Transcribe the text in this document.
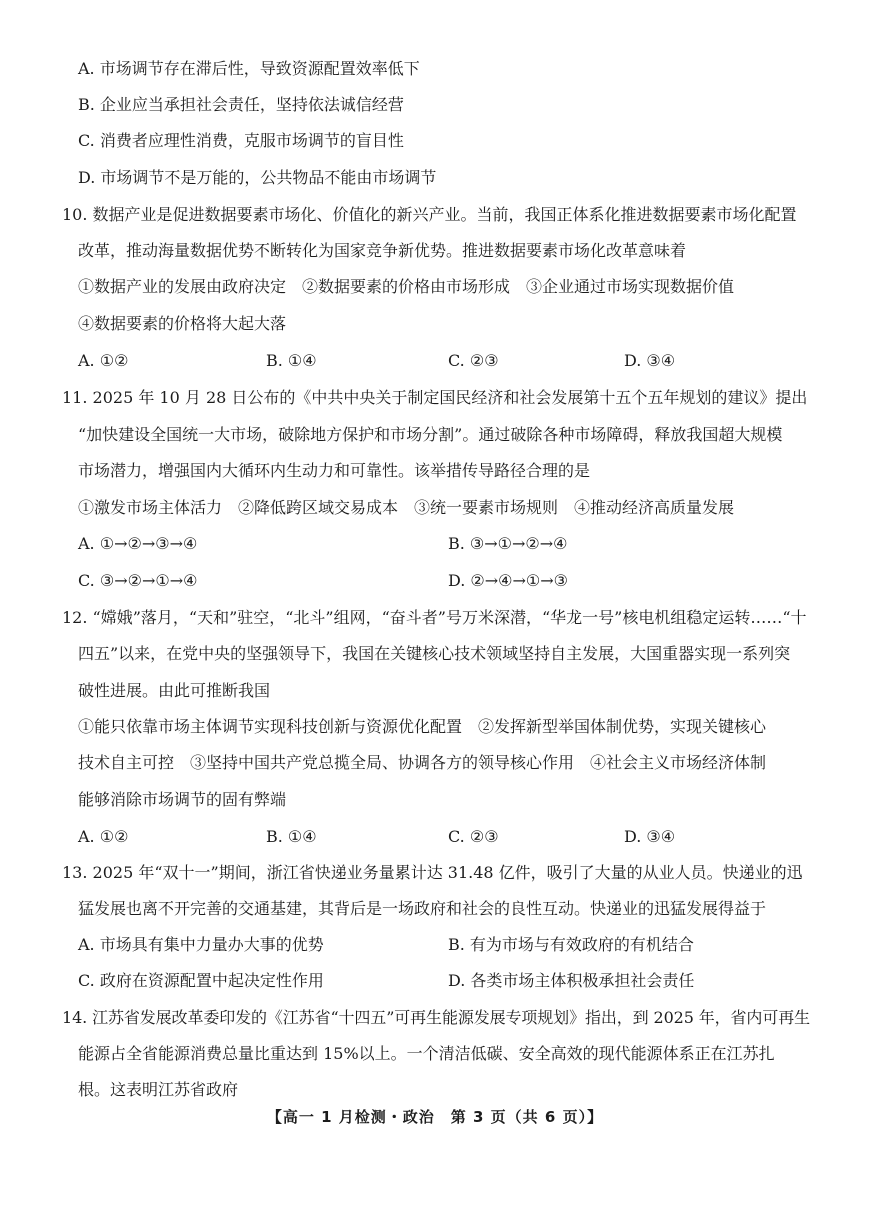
A. 市场调节存在滞后性，导致资源配置效率低下
B. 企业应当承担社会责任，坚持依法诚信经营
C. 消费者应理性消费，克服市场调节的盲目性
D. 市场调节不是万能的，公共物品不能由市场调节
10. 数据产业是促进数据要素市场化、价值化的新兴产业。当前，我国正体系化推进数据要素市场化配置
改革，推动海量数据优势不断转化为国家竞争新优势。推进数据要素市场化改革意味着
①数据产业的发展由政府决定　②数据要素的价格由市场形成　③企业通过市场实现数据价值
④数据要素的价格将大起大落
A. ①②	B. ①④	C. ②③	D. ③④
11. 2025 年 10 月 28 日公布的《中共中央关于制定国民经济和社会发展第十五个五年规划的建议》提出
“加快建设全国统一大市场，破除地方保护和市场分割”。通过破除各种市场障碍，释放我国超大规模
市场潜力，增强国内大循环内生动力和可靠性。该举措传导路径合理的是
①激发市场主体活力　②降低跨区域交易成本　③统一要素市场规则　④推动经济高质量发展
A. ①→②→③→④	B. ③→①→②→④
C. ③→②→①→④	D. ②→④→①→③
12. “嫦娥”落月，“天和”驻空，“北斗”组网，“奋斗者”号万米深潜，“华龙一号”核电机组稳定运转……“十
四五”以来，在党中央的坚强领导下，我国在关键核心技术领域坚持自主发展，大国重器实现一系列突
破性进展。由此可推断我国
①能只依靠市场主体调节实现科技创新与资源优化配置　②发挥新型举国体制优势，实现关键核心
技术自主可控　③坚持中国共产党总揽全局、协调各方的领导核心作用　④社会主义市场经济体制
能够消除市场调节的固有弊端
A. ①②	B. ①④	C. ②③	D. ③④
13. 2025 年“双十一”期间，浙江省快递业务量累计达 31.48 亿件，吸引了大量的从业人员。快递业的迅
猛发展也离不开完善的交通基建，其背后是一场政府和社会的良性互动。快递业的迅猛发展得益于
A. 市场具有集中力量办大事的优势	B. 有为市场与有效政府的有机结合
C. 政府在资源配置中起决定性作用	D. 各类市场主体积极承担社会责任
14. 江苏省发展改革委印发的《江苏省“十四五”可再生能源发展专项规划》指出，到 2025 年，省内可再生
能源占全省能源消费总量比重达到 15%以上。一个清洁低碳、安全高效的现代能源体系正在江苏扎
根。这表明江苏省政府
【高一 1 月检测・政治　第 3 页（共 6 页）】
